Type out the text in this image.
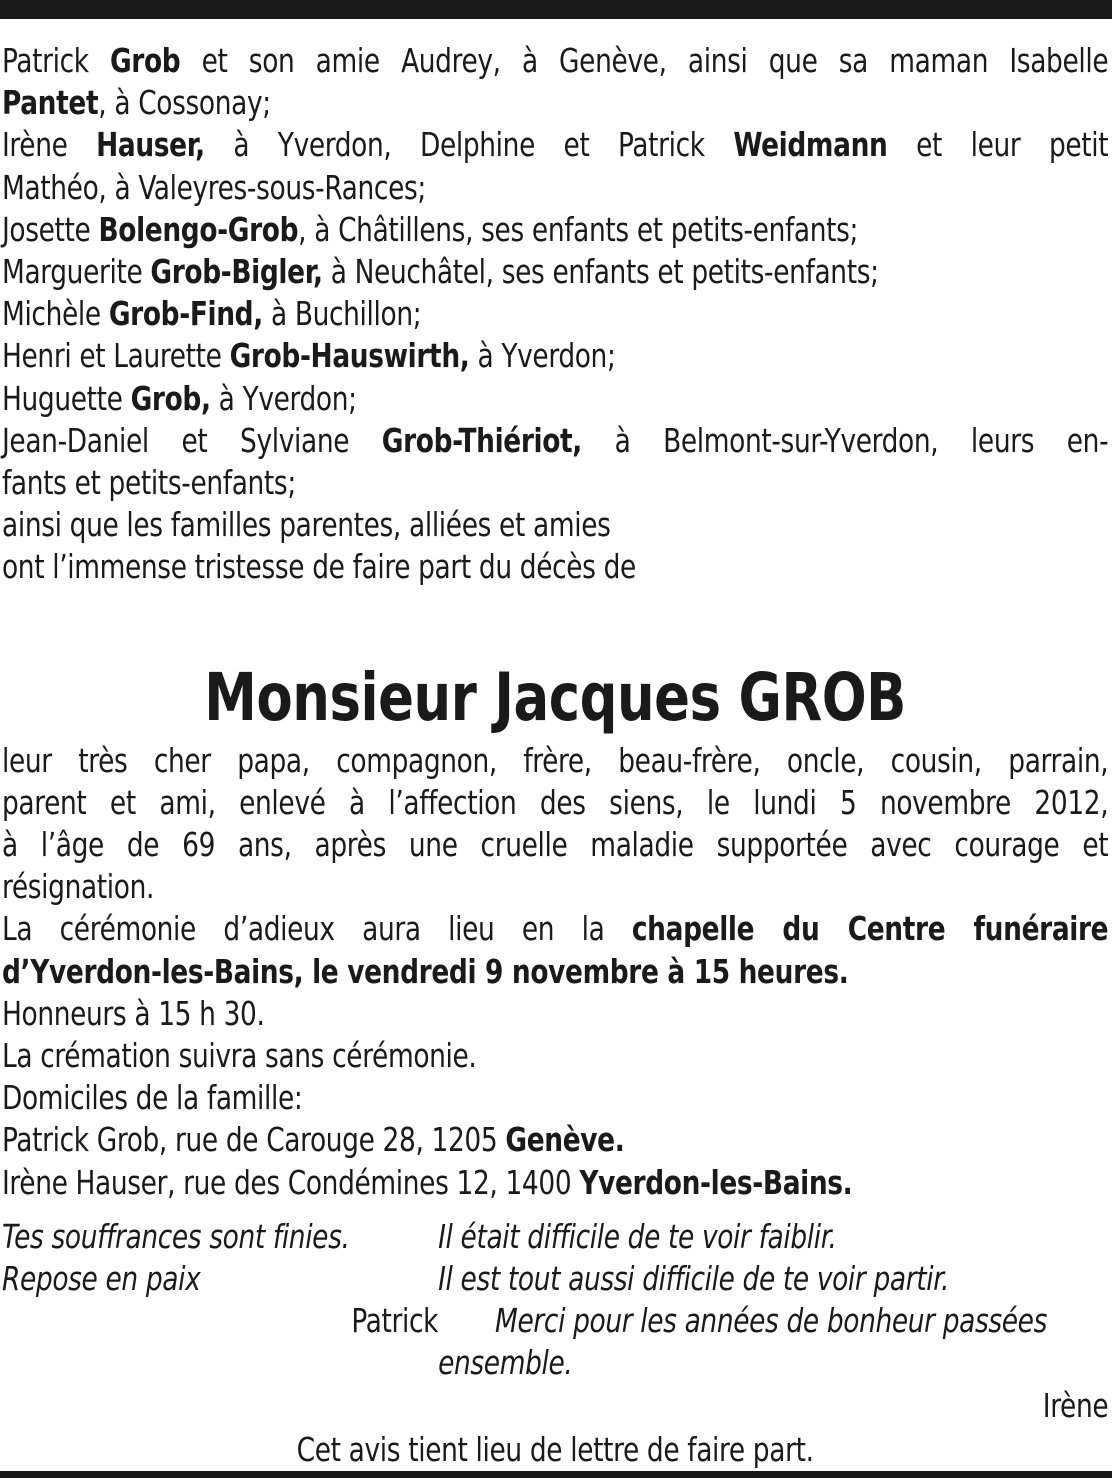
Patrick Grob et son amie Audrey, à Genève, ainsi que sa maman Isabelle
Pantet, à Cossonay;
Irène Hauser, à Yverdon, Delphine et Patrick Weidmann et leur petit
Mathéo, à Valeyres-sous-Rances;
Josette Bolengo-Grob, à Châtillens, ses enfants et petits-enfants;
Marguerite Grob-Bigler, à Neuchâtel, ses enfants et petits-enfants;
Michèle Grob-Find, à Buchillon;
Henri et Laurette Grob-Hauswirth, à Yverdon;
Huguette Grob, à Yverdon;
Jean-Daniel et Sylviane Grob-Thiériot, à Belmont-sur-Yverdon, leurs en-
fants et petits-enfants;
ainsi que les familles parentes, alliées et amies
ont l’immense tristesse de faire part du décès de
Monsieur Jacques GROB
leur très cher papa, compagnon, frère, beau-frère, oncle, cousin, parrain,
parent et ami, enlevé à l’affection des siens, le lundi 5 novembre 2012,
à l’âge de 69 ans, après une cruelle maladie supportée avec courage et
résignation.
La cérémonie d’adieux aura lieu en la chapelle du Centre funéraire
d’Yverdon-les-Bains, le vendredi 9 novembre à 15 heures.
Honneurs à 15 h 30.
La crémation suivra sans cérémonie.
Domiciles de la famille:
Patrick Grob, rue de Carouge 28, 1205 Genève.
Irène Hauser, rue des Condémines 12, 1400 Yverdon-les-Bains.
Tes souffrances sont finies.	Il était difficile de te voir faiblir.
Repose en paix	Il est tout aussi difficile de te voir partir.
Patrick	Merci pour les années de bonheur passées
ensemble.
Irène
Cet avis tient lieu de lettre de faire part.
